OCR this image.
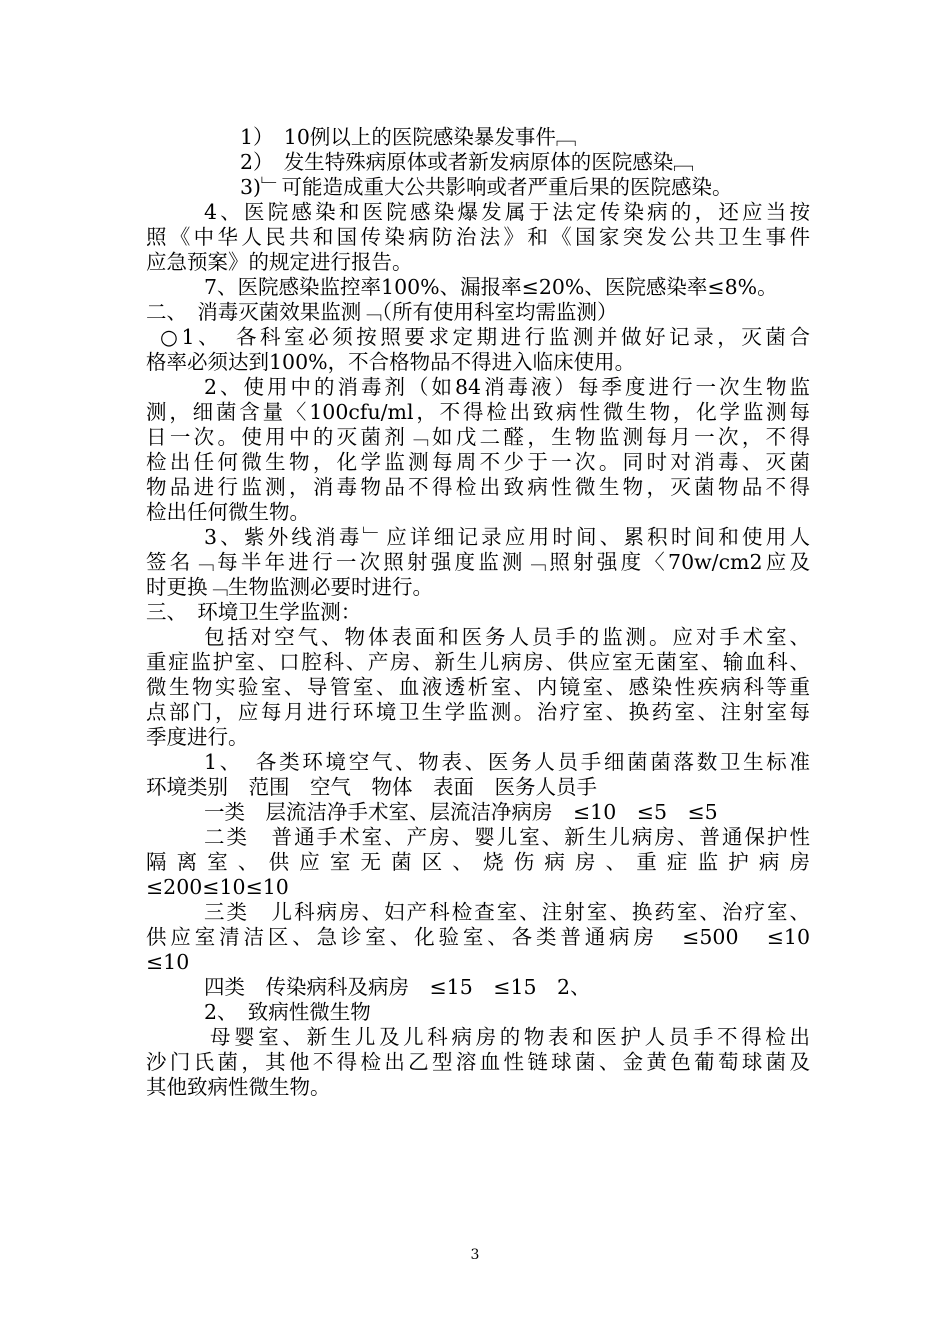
1）　10例以上的医院感染暴发事件﹇
2）　发生特殊病原体或者新发病原体的医院感染﹇
3)﹂可能造成重大公共影响或者严重后果的医院感染。
4、医院感染和医院感染爆发属于法定传染病的，还应当按
照《中华人民共和国传染病防治法》和《国家突发公共卫生事件
应急预案》的规定进行报告。
7、医院感染监控率100%、漏报率≤20%、医院感染率≤8%。
二、　消毒灭菌效果监测﹁（所有使用科室均需监测）
○1、　各科室必须按照要求定期进行监测并做好记录，灭菌合
格率必须达到100%，不合格物品不得进入临床使用。
2、使用中的消毒剂（如84消毒液）每季度进行一次生物监
测，细菌含量〈100cfu/ml，不得检出致病性微生物，化学监测每
日一次。使用中的灭菌剂﹁如戊二醛，生物监测每月一次，不得
检出任何微生物，化学监测每周不少于一次。同时对消毒、灭菌
物品进行监测，消毒物品不得检出致病性微生物，灭菌物品不得
检出任何微生物。
3、紫外线消毒﹂应详细记录应用时间、累积时间和使用人
签名﹁每半年进行一次照射强度监测﹁照射强度〈70w/cm2应及
时更换﹁生物监测必要时进行。
三、　环境卫生学监测：
包括对空气、物体表面和医务人员手的监测。应对手术室、
重症监护室、口腔科、产房、新生儿病房、供应室无菌室、输血科、
微生物实验室、导管室、血液透析室、内镜室、感染性疾病科等重
点部门，应每月进行环境卫生学监测。治疗室、换药室、注射室每
季度进行。
1、　各类环境空气、物表、医务人员手细菌菌落数卫生标准
环境类别　范围　空气　物体　表面　医务人员手
一类　层流洁净手术室、层流洁净病房　≤10　≤5　≤5
二类　普通手术室、产房、婴儿室、新生儿病房、普通保护性
隔离室、供应室无菌区、烧伤病房、重症监护病房
≤200≤10≤10
三类　儿科病房、妇产科检查室、注射室、换药室、治疗室、
供应室清洁区、急诊室、化验室、各类普通病房　≤500　≤10
≤10
四类　传染病科及病房　≤15　≤15　2、
2、　致病性微生物
母婴室、新生儿及儿科病房的物表和医护人员手不得检出
沙门氏菌，其他不得检出乙型溶血性链球菌、金黄色葡萄球菌及
其他致病性微生物。
3
